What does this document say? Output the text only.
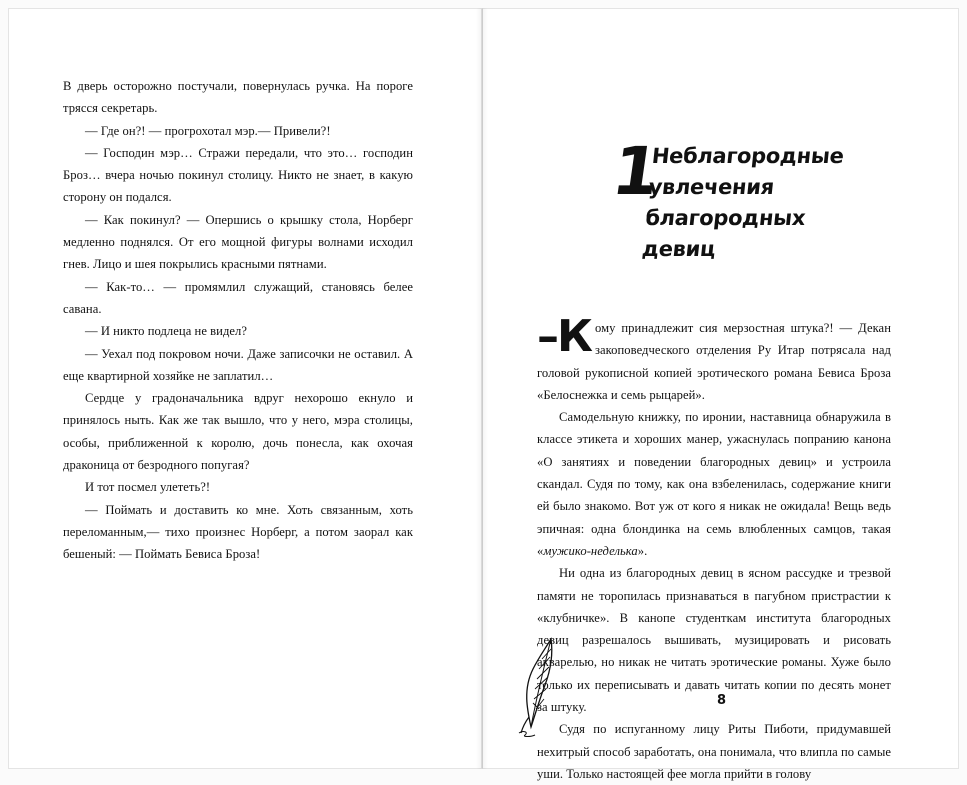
В дверь осторожно постучали, повернулась ручка. На пороге трясся секретарь.

— Где он?! — прогрохотал мэр.— Привели?!

— Господин мэр… Стражи передали, что это… господин Броз… вчера ночью покинул столицу. Никто не знает, в какую сторону он подался.

— Как покинул? — Опершись о крышку стола, Норберг медленно поднялся. От его мощной фигуры волнами исходил гнев. Лицо и шея покрылись красными пятнами.

— Как-то… — промямлил служащий, становясь белее савана.

— И никто подлеца не видел?

— Уехал под покровом ночи. Даже записочки не оставил. А еще квартирной хозяйке не заплатил…

Сердце у градоначальника вдруг нехорошо екнуло и принялось ныть. Как же так вышло, что у него, мэра столицы, особы, приближенной к королю, дочь понесла, как охочая драконица от безродного попугая?

И тот посмел улететь?!

— Поймать и доставить ко мне. Хоть связанным, хоть переломанным,— тихо произнес Норберг, а потом заорал как бешеный: — Поймать Бевиса Броза!

1
Неблагородные
увлечения благородных
девиц

–К ому принадлежит сия мерзостная штука?! — Декан закоповедческого отделения Ру Итар потрясала над головой рукописной копией эротического романа Бевиса Броза «Белоснежка и семь рыцарей».

Самодельную книжку, по иронии, наставница обнаружила в классе этикета и хороших манер, ужаснулась попранию канона «О занятиях и поведении благородных девиц» и устроила скандал. Судя по тому, как она взбеленилась, содержание книги ей было знакомо. Вот уж от кого я никак не ожидала! Вещь ведь эпичная: одна блондинка на семь влюбленных самцов, такая «мужико-неделька».

Ни одна из благородных девиц в ясном рассудке и трезвой памяти не торопилась признаваться в пагубном пристрастии к «клубничке». В канопе студенткам института благородных девиц разрешалось вышивать, музицировать и рисовать акварелью, но никак не читать эротические романы. Хуже было только их переписывать и давать читать копии по десять монет за штуку.

Судя по испуганному лицу Риты Пиботи, придумавшей нехитрый способ заработать, она понимала, что влипла по самые уши. Только настоящей фее могла прийти в голову

8
